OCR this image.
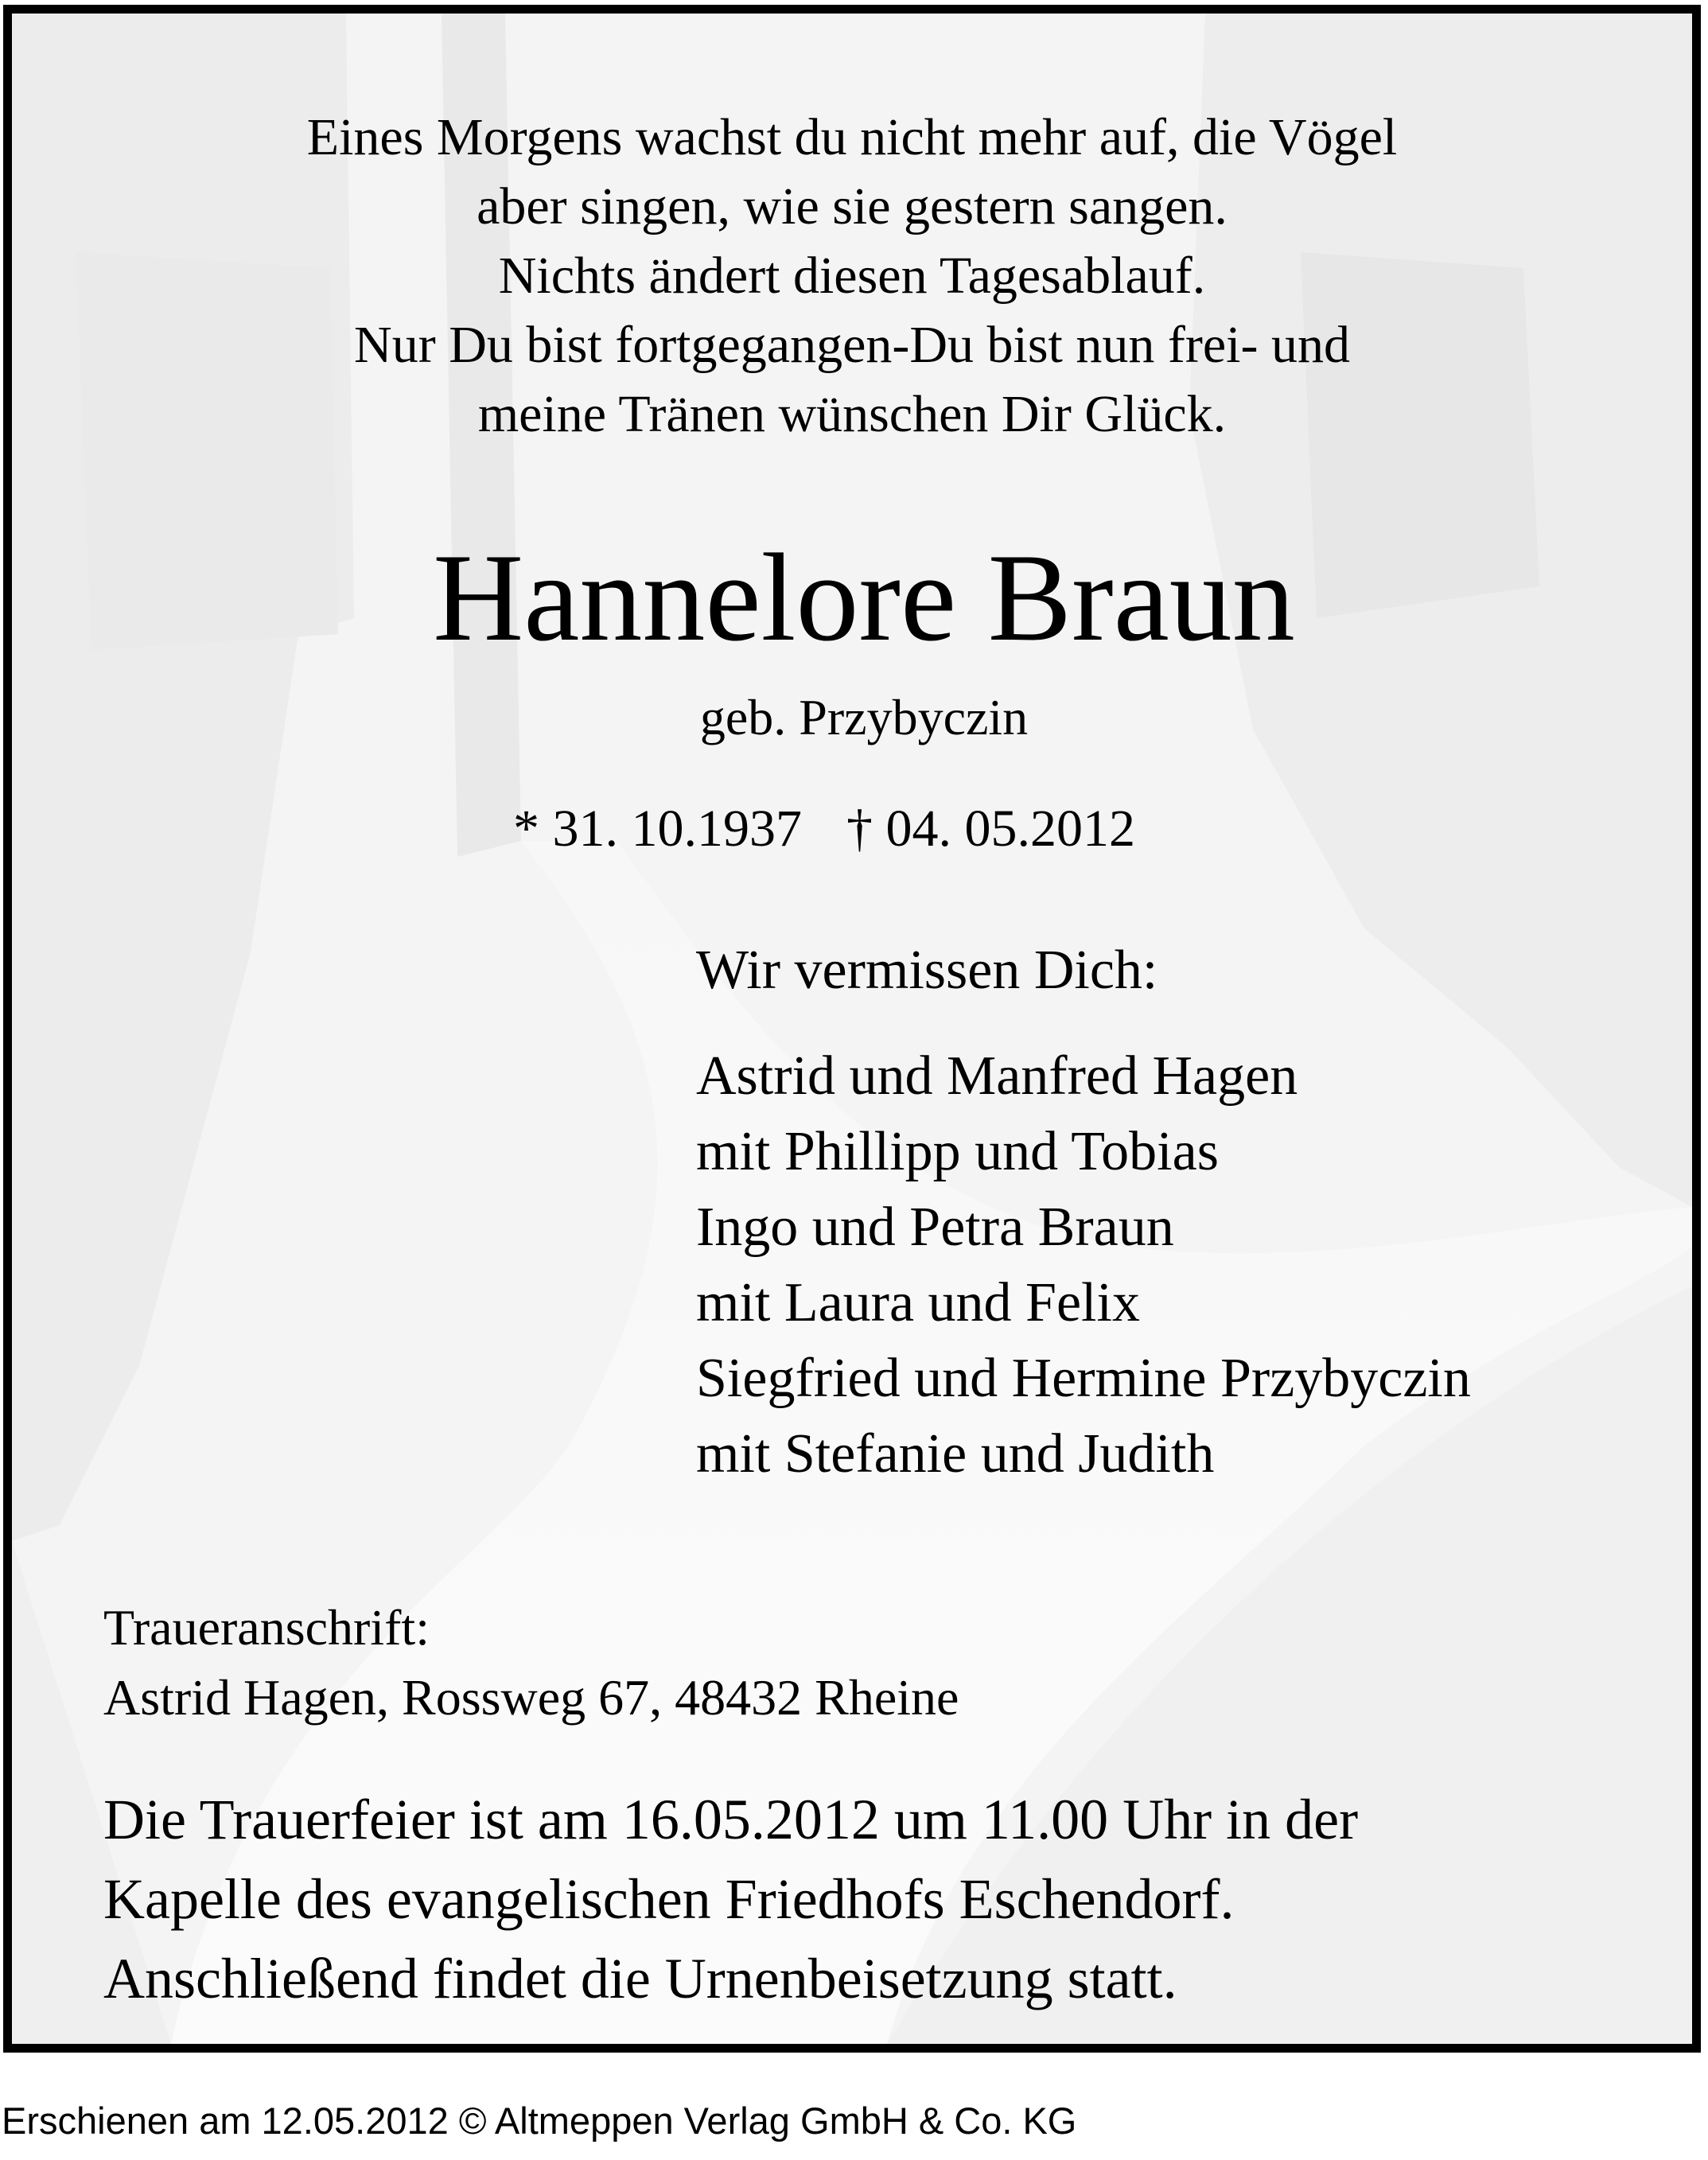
Eines Morgens wachst du nicht mehr auf, die Vögel
aber singen, wie sie gestern sangen.
Nichts ändert diesen Tagesablauf.
Nur Du bist fortgegangen-Du bist nun frei- und
meine Tränen wünschen Dir Glück.
Hannelore Braun
geb. Przybyczin
* 31. 10.1937 † 04. 05.2012
Wir vermissen Dich:
Astrid und Manfred Hagen
mit Phillipp und Tobias
Ingo und Petra Braun
mit Laura und Felix
Siegfried und Hermine Przybyczin
mit Stefanie und Judith
Traueranschrift:
Astrid Hagen, Rossweg 67, 48432 Rheine
Die Trauerfeier ist am 16.05.2012 um 11.00 Uhr in der
Kapelle des evangelischen Friedhofs Eschendorf.
Anschließend findet die Urnenbeisetzung statt.
Erschienen am 12.05.2012 © Altmeppen Verlag GmbH & Co. KG
